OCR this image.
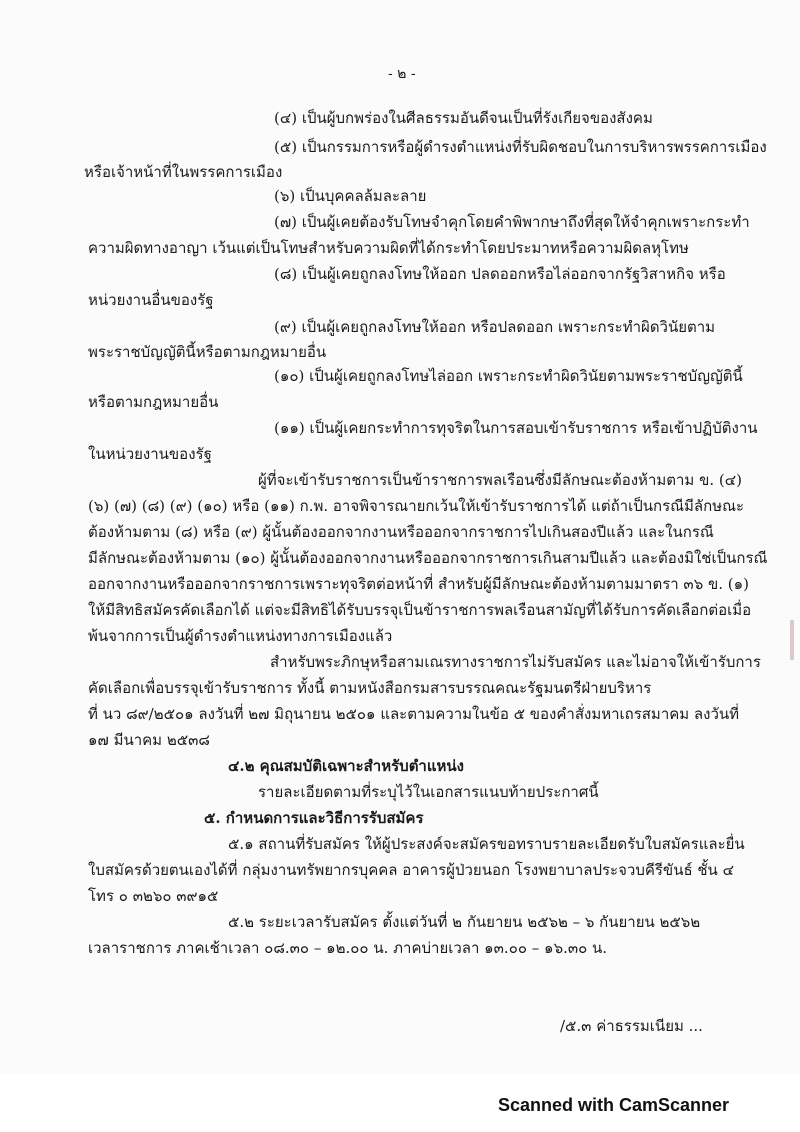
- ๒ -
(๔) เป็นผู้บกพร่องในศีลธรรมอันดีจนเป็นที่รังเกียจของสังคม
(๕) เป็นกรรมการหรือผู้ดำรงตำแหน่งที่รับผิดชอบในการบริหารพรรคการเมือง
หรือเจ้าหน้าที่ในพรรคการเมือง
(๖) เป็นบุคคลล้มละลาย
(๗) เป็นผู้เคยต้องรับโทษจำคุกโดยคำพิพากษาถึงที่สุดให้จำคุกเพราะกระทำ
ความผิดทางอาญา เว้นแต่เป็นโทษสำหรับความผิดที่ได้กระทำโดยประมาทหรือความผิดลหุโทษ
(๘) เป็นผู้เคยถูกลงโทษให้ออก ปลดออกหรือไล่ออกจากรัฐวิสาหกิจ หรือ
หน่วยงานอื่นของรัฐ
(๙) เป็นผู้เคยถูกลงโทษให้ออก หรือปลดออก เพราะกระทำผิดวินัยตาม
พระราชบัญญัตินี้หรือตามกฎหมายอื่น
(๑๐) เป็นผู้เคยถูกลงโทษไล่ออก เพราะกระทำผิดวินัยตามพระราชบัญญัตินี้
หรือตามกฎหมายอื่น
(๑๑) เป็นผู้เคยกระทำการทุจริตในการสอบเข้ารับราชการ หรือเข้าปฏิบัติงาน
ในหน่วยงานของรัฐ
ผู้ที่จะเข้ารับราชการเป็นข้าราชการพลเรือนซึ่งมีลักษณะต้องห้ามตาม ข. (๔)
(๖) (๗) (๘) (๙) (๑๐) หรือ (๑๑) ก.พ. อาจพิจารณายกเว้นให้เข้ารับราชการได้ แต่ถ้าเป็นกรณีมีลักษณะ
ต้องห้ามตาม (๘) หรือ (๙) ผู้นั้นต้องออกจากงานหรือออกจากราชการไปเกินสองปีแล้ว และในกรณี
มีลักษณะต้องห้ามตาม (๑๐) ผู้นั้นต้องออกจากงานหรือออกจากราชการเกินสามปีแล้ว และต้องมิใช่เป็นกรณี
ออกจากงานหรือออกจากราชการเพราะทุจริตต่อหน้าที่ สำหรับผู้มีลักษณะต้องห้ามตามมาตรา ๓๖ ข. (๑)
ให้มีสิทธิสมัครคัดเลือกได้ แต่จะมีสิทธิได้รับบรรจุเป็นข้าราชการพลเรือนสามัญที่ได้รับการคัดเลือกต่อเมื่อ
พ้นจากการเป็นผู้ดำรงตำแหน่งทางการเมืองแล้ว
สำหรับพระภิกษุหรือสามเณรทางราชการไม่รับสมัคร และไม่อาจให้เข้ารับการ
คัดเลือกเพื่อบรรจุเข้ารับราชการ ทั้งนี้ ตามหนังสือกรมสารบรรณคณะรัฐมนตรีฝ่ายบริหาร
ที่ นว ๘๙/๒๕๐๑ ลงวันที่ ๒๗ มิถุนายน ๒๕๐๑ และตามความในข้อ ๕ ของคำสั่งมหาเถรสมาคม ลงวันที่
๑๗ มีนาคม ๒๕๓๘
๔.๒ คุณสมบัติเฉพาะสำหรับตำแหน่ง
รายละเอียดตามที่ระบุไว้ในเอกสารแนบท้ายประกาศนี้
๕. กำหนดการและวิธีการรับสมัคร
๕.๑ สถานที่รับสมัคร ให้ผู้ประสงค์จะสมัครขอทราบรายละเอียดรับใบสมัครและยื่น
ใบสมัครด้วยตนเองได้ที่ กลุ่มงานทรัพยากรบุคคล อาคารผู้ป่วยนอก โรงพยาบาลประจวบคีรีขันธ์ ชั้น ๔
โทร ๐ ๓๒๖๐ ๓๙๑๕
๕.๒ ระยะเวลารับสมัคร ตั้งแต่วันที่ ๒ กันยายน ๒๕๖๒ – ๖ กันยายน ๒๕๖๒
เวลาราชการ ภาคเช้าเวลา ๐๘.๓๐ – ๑๒.๐๐ น. ภาคบ่ายเวลา ๑๓.๐๐ – ๑๖.๓๐ น.
/๕.๓ ค่าธรรมเนียม ...
Scanned with CamScanner
